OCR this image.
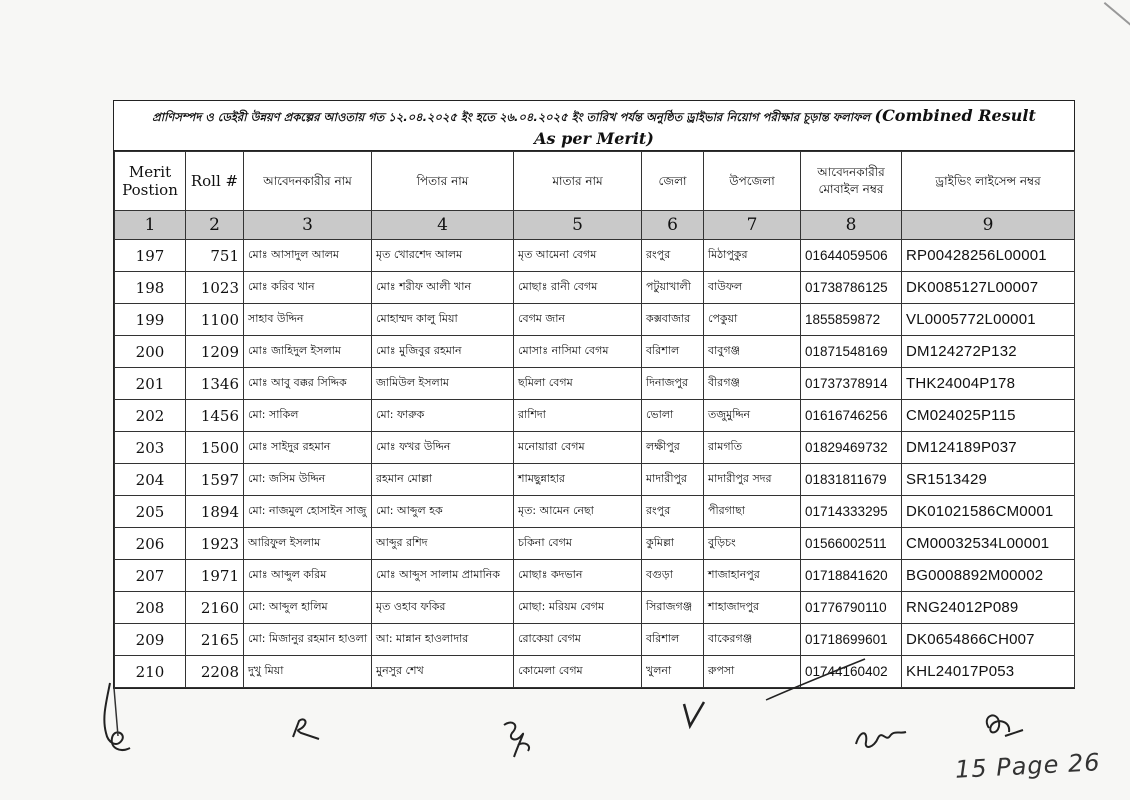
প্রাণিসম্পদ ও ডেইরী উন্নয়ণ প্রকল্পের আওতায় গত ১২.০৪.২০২৫ ইং হতে ২৬.০৪.২০২৫ ইং তারিখ পর্যন্ত অনুষ্ঠিত ড্রাইভার নিয়োগ পরীক্ষার চূড়ান্ত ফলাফল (Combined Result
As per Merit)
Merit Postion	Roll #	আবেদনকারীর নাম	পিতার নাম	মাতার নাম	জেলা	উপজেলা	আবেদনকারীর মোবাইল নম্বর	ড্রাইভিং লাইসেন্স নম্বর
1	2	3	4	5	6	7	8	9
197	751	মোঃ আসাদুল আলম	মৃত খোরশেদ আলম	মৃত আমেনা বেগম	রংপুর	মিঠাপুকুর	01644059506	RP00428256L00001
198	1023	মোঃ করিব খান	মোঃ শরীফ আলী খান	মোছাঃ রানী বেগম	পটুয়াখালী	বাউফল	01738786125	DK0085127L00007
199	1100	সাহাব উদ্দিন	মোহাম্মদ কালু মিয়া	বেগম জান	কক্সবাজার	পেকুয়া	1855859872	VL0005772L00001
200	1209	মোঃ জাহিদুল ইসলাম	মোঃ মুজিবুর রহমান	মোসাঃ নাসিমা বেগম	বরিশাল	বাবুগঞ্জ	01871548169	DM124272P132
201	1346	মোঃ আবু বক্কর সিদ্দিক	জামিউল ইসলাম	ছমিলা বেগম	দিনাজপুর	বীরগঞ্জ	01737378914	THK24004P178
202	1456	মো: সাকিল	মো: ফারুক	রাশিদা	ভোলা	তজুমুদ্দিন	01616746256	CM024025P115
203	1500	মোঃ সাইদুর রহমান	মোঃ ফখর উদ্দিন	মনোয়ারা বেগম	লক্ষীপুর	রামগতি	01829469732	DM124189P037
204	1597	মো: জসিম উদ্দিন	রহমান মোল্লা	শামছুন্নাহার	মাদারীপুর	মাদারীপুর সদর	01831811679	SR1513429
205	1894	মো: নাজমুল হোসাইন সাজু	মো: আব্দুল হক	মৃত: আমেন নেছা	রংপুর	পীরগাছা	01714333295	DK01021586CM0001
206	1923	আরিফুল ইসলাম	আব্দুর রশিদ	চকিনা বেগম	কুমিল্লা	বুড়িচং	01566002511	CM00032534L00001
207	1971	মোঃ আব্দুল করিম	মোঃ আব্দুস সালাম প্রামানিক	মোছাঃ কদভান	বগুড়া	শাজাহানপুর	01718841620	BG0008892M00002
208	2160	মো: আব্দুল হালিম	মৃত ওহাব ফকির	মোছা: মরিয়ম বেগম	সিরাজগঞ্জ	শাহাজাদপুর	01776790110	RNG24012P089
209	2165	মো: মিজানুর রহমান হাওলা	আ: মান্নান হাওলাদার	রোকেয়া বেগম	বরিশাল	বাকেরগঞ্জ	01718699601	DK0654866CH007
210	2208	দুখু মিয়া	মুনসুর শেখ	কোমেলা বেগম	খুলনা	রুপসা	01744160402	KHL24017P053
15 Page 26
